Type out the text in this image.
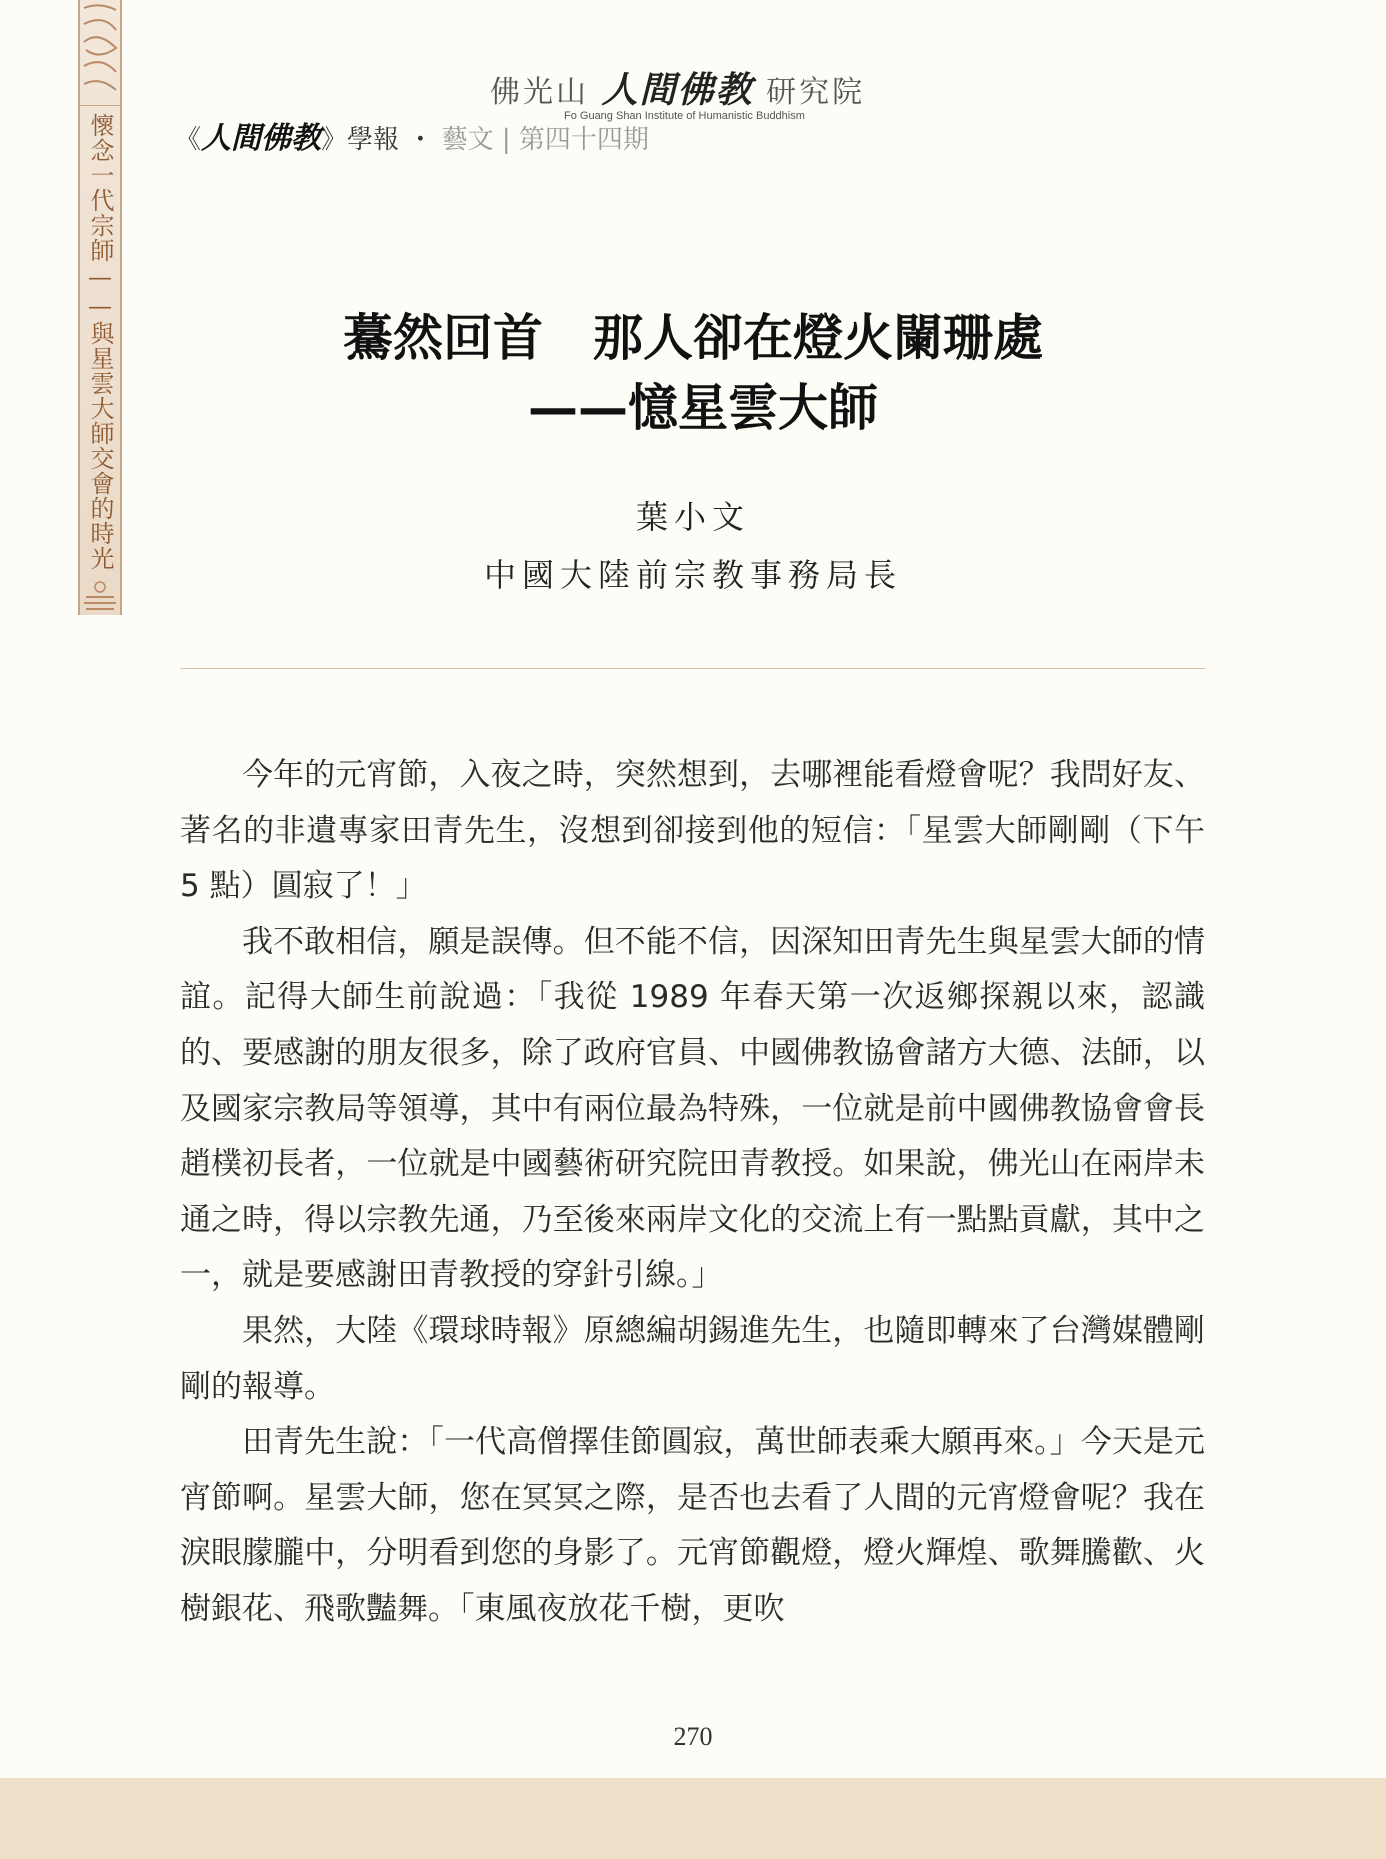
懷念一代宗師——與星雲大師交會的時光
佛光山 人間佛教 研究院
Fo Guang Shan Institute of Humanistic Buddhism
《人間佛教》學報 ・ 藝文 | 第四十四期
驀然回首　那人卻在燈火闌珊處
——憶星雲大師
葉小文
中國大陸前宗教事務局長

今年的元宵節，入夜之時，突然想到，去哪裡能看燈會呢？我問好友、著名的非遺專家田青先生，沒想到卻接到他的短信：「星雲大師剛剛（下午 5 點）圓寂了！」

我不敢相信，願是誤傳。但不能不信，因深知田青先生與星雲大師的情誼。記得大師生前說過：「我從 1989 年春天第一次返鄉探親以來，認識的、要感謝的朋友很多，除了政府官員、中國佛教協會諸方大德、法師，以及國家宗教局等領導，其中有兩位最為特殊，一位就是前中國佛教協會會長趙樸初長者，一位就是中國藝術研究院田青教授。如果說，佛光山在兩岸未通之時，得以宗教先通，乃至後來兩岸文化的交流上有一點點貢獻，其中之一，就是要感謝田青教授的穿針引線。」

果然，大陸《環球時報》原總編胡錫進先生，也隨即轉來了台灣媒體剛剛的報導。

田青先生說：「一代高僧擇佳節圓寂，萬世師表乘大願再來。」今天是元宵節啊。星雲大師，您在冥冥之際，是否也去看了人間的元宵燈會呢？我在淚眼朦朧中，分明看到您的身影了。元宵節觀燈，燈火輝煌、歌舞騰歡、火樹銀花、飛歌豔舞。「東風夜放花千樹，更吹

270
